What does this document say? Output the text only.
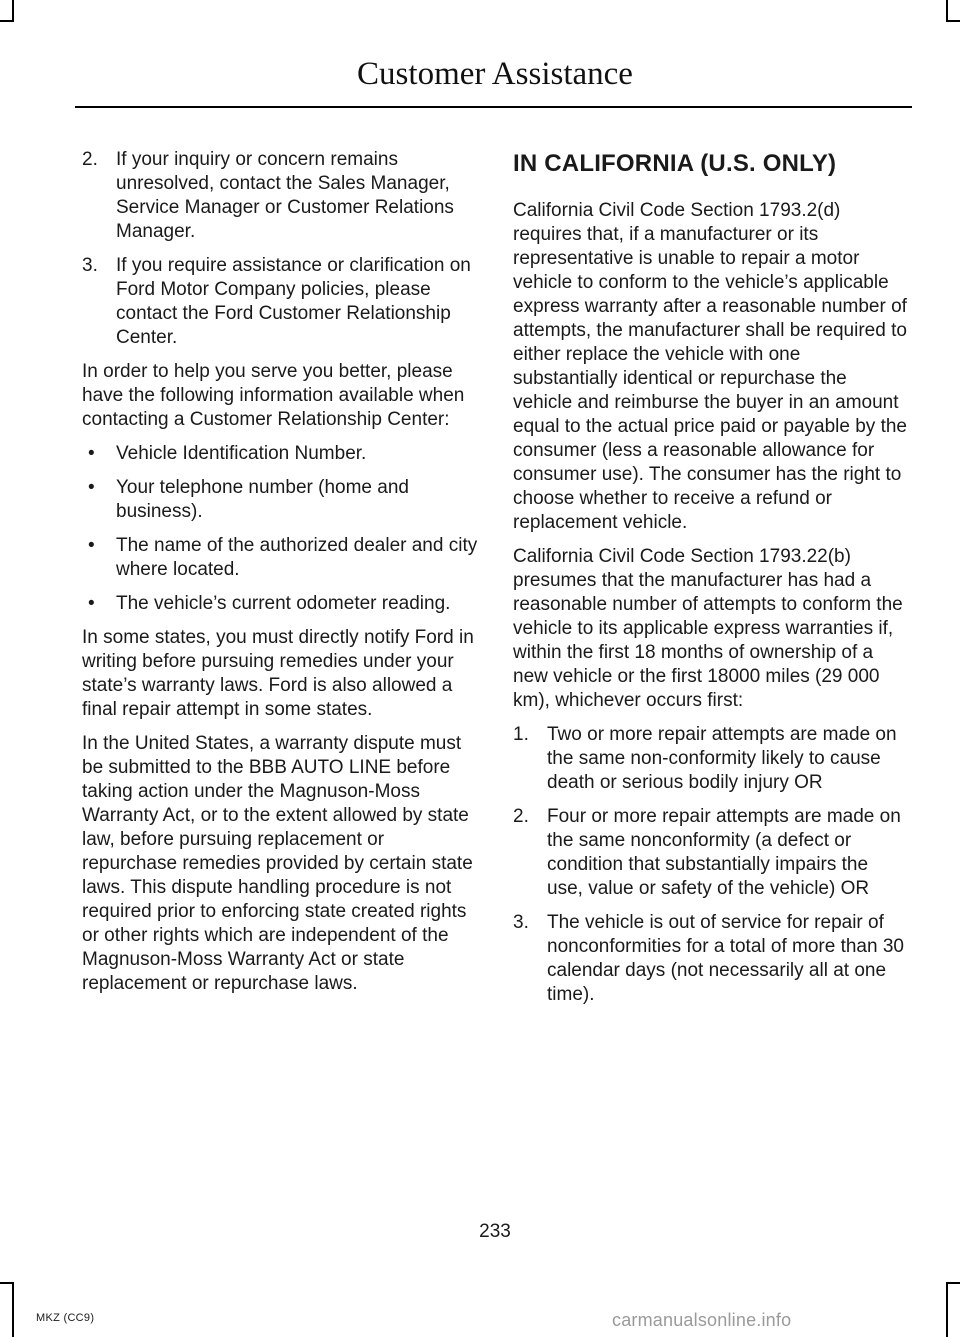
Customer Assistance
2. If your inquiry or concern remains unresolved, contact the Sales Manager, Service Manager or Customer Relations Manager.
3. If you require assistance or clarification on Ford Motor Company policies, please contact the Ford Customer Relationship Center.

In order to help you serve you better, please have the following information available when contacting a Customer Relationship Center:

• Vehicle Identification Number.
• Your telephone number (home and business).
• The name of the authorized dealer and city where located.
• The vehicle’s current odometer reading.

In some states, you must directly notify Ford in writing before pursuing remedies under your state’s warranty laws. Ford is also allowed a final repair attempt in some states.

In the United States, a warranty dispute must be submitted to the BBB AUTO LINE before taking action under the Magnuson-Moss Warranty Act, or to the extent allowed by state law, before pursuing replacement or repurchase remedies provided by certain state laws. This dispute handling procedure is not required prior to enforcing state created rights or other rights which are independent of the Magnuson-Moss Warranty Act or state replacement or repurchase laws.

IN CALIFORNIA (U.S. ONLY)

California Civil Code Section 1793.2(d) requires that, if a manufacturer or its representative is unable to repair a motor vehicle to conform to the vehicle’s applicable express warranty after a reasonable number of attempts, the manufacturer shall be required to either replace the vehicle with one substantially identical or repurchase the vehicle and reimburse the buyer in an amount equal to the actual price paid or payable by the consumer (less a reasonable allowance for consumer use). The consumer has the right to choose whether to receive a refund or replacement vehicle.

California Civil Code Section 1793.22(b) presumes that the manufacturer has had a reasonable number of attempts to conform the vehicle to its applicable express warranties if, within the first 18 months of ownership of a new vehicle or the first 18000 miles (29 000 km), whichever occurs first:

1. Two or more repair attempts are made on the same non-conformity likely to cause death or serious bodily injury OR
2. Four or more repair attempts are made on the same nonconformity (a defect or condition that substantially impairs the use, value or safety of the vehicle) OR
3. The vehicle is out of service for repair of nonconformities for a total of more than 30 calendar days (not necessarily all at one time).
233
MKZ (CC9)	carmanualsonline.info
